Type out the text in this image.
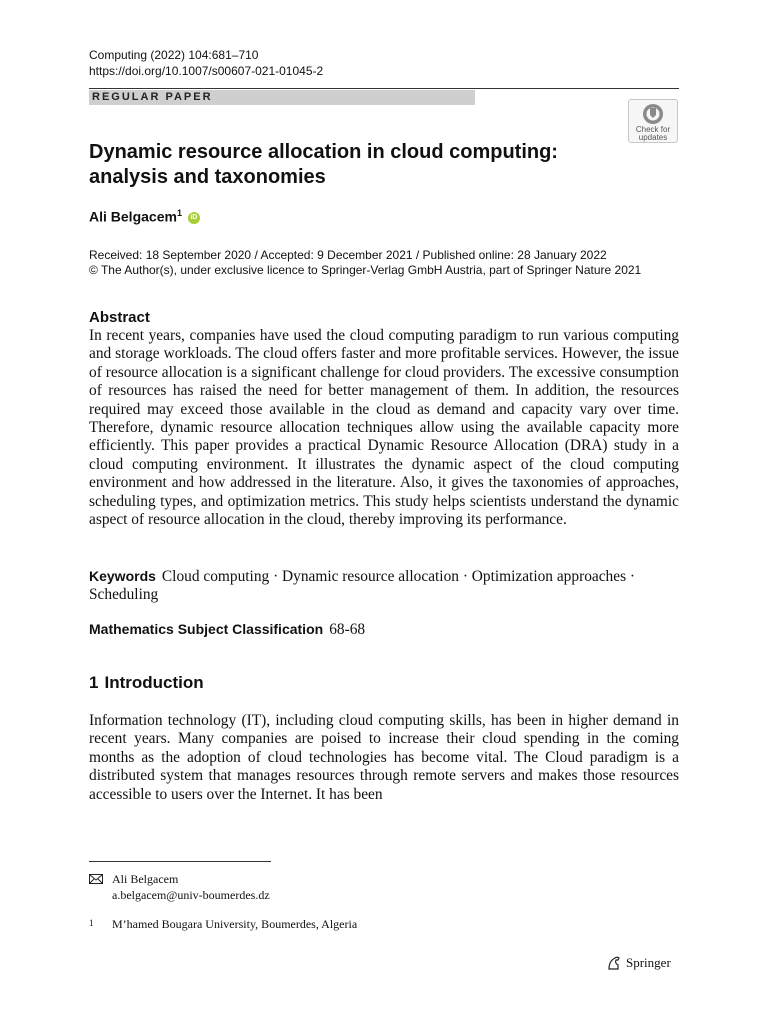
Computing (2022) 104:681–710
https://doi.org/10.1007/s00607-021-01045-2
REGULAR PAPER
Check for
updates
Dynamic resource allocation in cloud computing: analysis and taxonomies
Ali Belgacem$^1$ iD
Received: 18 September 2020 / Accepted: 9 December 2021 / Published online: 28 January 2022
© The Author(s), under exclusive licence to Springer-Verlag GmbH Austria, part of Springer Nature 2021
Abstract

In recent years, companies have used the cloud computing paradigm to run various computing and storage workloads. The cloud offers faster and more profitable services. However, the issue of resource allocation is a significant challenge for cloud providers. The excessive consumption of resources has raised the need for better management of them. In addition, the resources required may exceed those available in the cloud as demand and capacity vary over time. Therefore, dynamic resource allocation techniques allow using the available capacity more efficiently. This paper provides a practical Dynamic Resource Allocation (DRA) study in a cloud computing environment. It illustrates the dynamic aspect of the cloud computing environment and how addressed in the literature. Also, it gives the taxonomies of approaches, scheduling types, and optimization metrics. This study helps scientists understand the dynamic aspect of resource allocation in the cloud, thereby improving its performance.

Keywords Cloud computing · Dynamic resource allocation · Optimization approaches · Scheduling
Mathematics Subject Classification 68-68
1 Introduction

Information technology (IT), including cloud computing skills, has been in higher demand in recent years. Many companies are poised to increase their cloud spending in the coming months as the adoption of cloud technologies has become vital. The Cloud paradigm is a distributed system that manages resources through remote servers and makes those resources accessible to users over the Internet. It has been

Ali Belgacem
a.belgacem@univ-boumerdes.dz
1 M’hamed Bougara University, Boumerdes, Algeria
Springer
